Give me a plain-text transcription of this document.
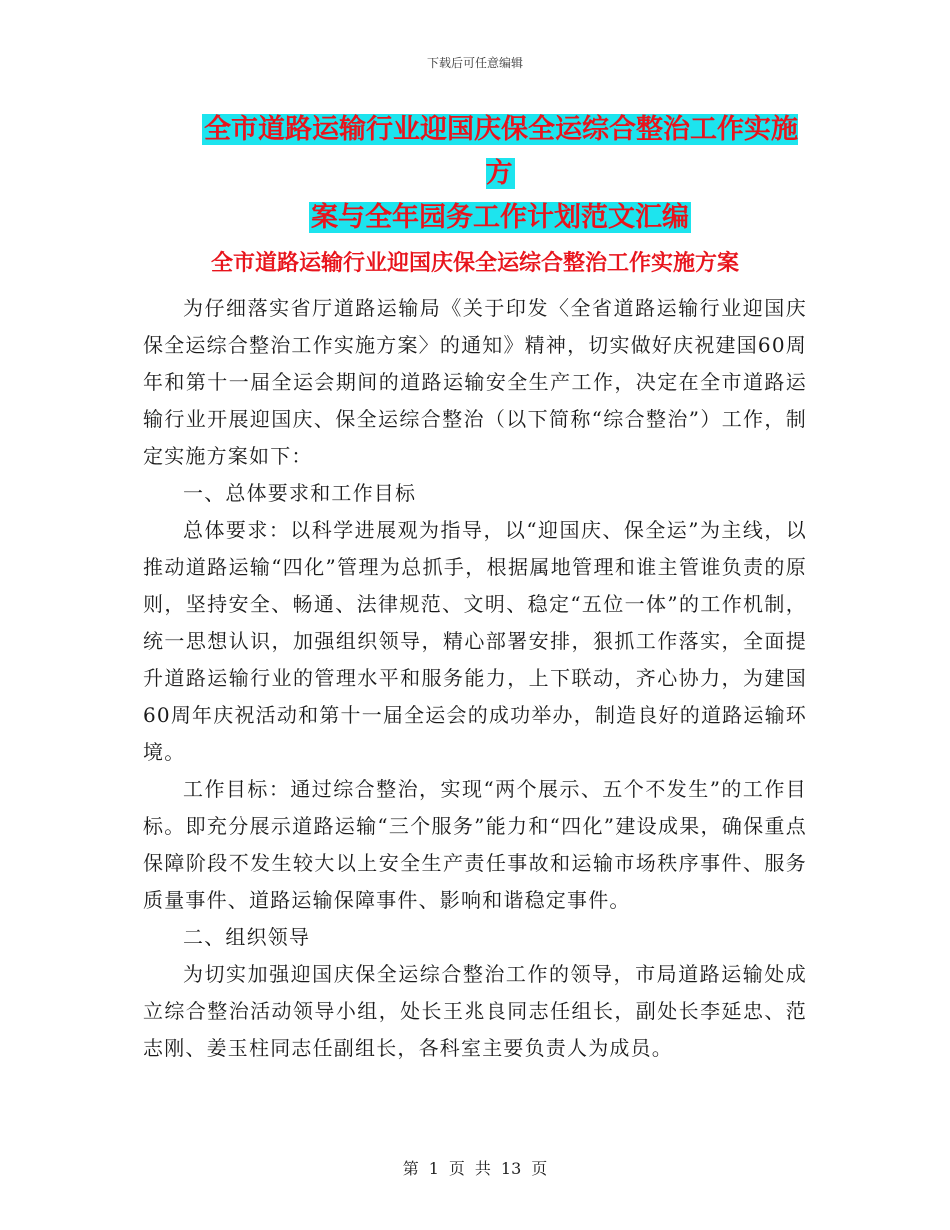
下载后可任意编辑
全市道路运输行业迎国庆保全运综合整治工作实施方
案与全年园务工作计划范文汇编
全市道路运输行业迎国庆保全运综合整治工作实施方案

为仔细落实省厅道路运输局《关于印发〈全省道路运输行业迎国庆保全运综合整治工作实施方案〉的通知》精神，切实做好庆祝建国60周年和第十一届全运会期间的道路运输安全生产工作，决定在全市道路运输行业开展迎国庆、保全运综合整治（以下简称“综合整治”）工作，制定实施方案如下：

一、总体要求和工作目标

总体要求：以科学进展观为指导，以“迎国庆、保全运”为主线，以推动道路运输“四化”管理为总抓手，根据属地管理和谁主管谁负责的原则，坚持安全、畅通、法律规范、文明、稳定“五位一体”的工作机制，统一思想认识，加强组织领导，精心部署安排，狠抓工作落实，全面提升道路运输行业的管理水平和服务能力，上下联动，齐心协力，为建国60周年庆祝活动和第十一届全运会的成功举办，制造良好的道路运输环境。

工作目标：通过综合整治，实现“两个展示、五个不发生”的工作目标。即充分展示道路运输“三个服务”能力和“四化”建设成果，确保重点保障阶段不发生较大以上安全生产责任事故和运输市场秩序事件、服务质量事件、道路运输保障事件、影响和谐稳定事件。

二、组织领导

为切实加强迎国庆保全运综合整治工作的领导，市局道路运输处成立综合整治活动领导小组，处长王兆良同志任组长，副处长李延忠、范志刚、姜玉柱同志任副组长，各科室主要负责人为成员。

第 1 页 共 13 页
